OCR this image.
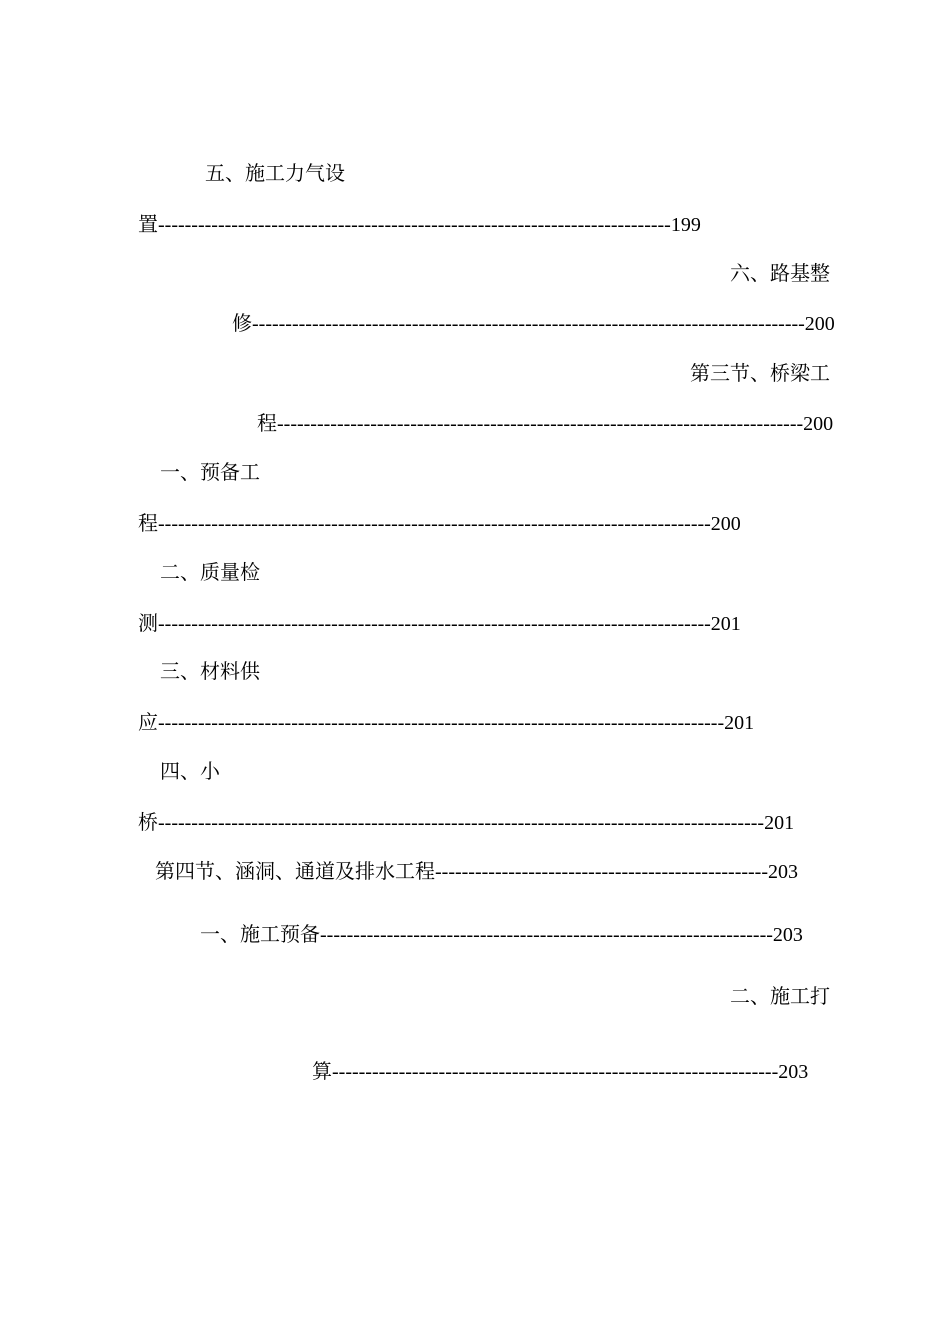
五、施工力气设
置-----------------------------------------------------------------------------199
六、路基整
修-----------------------------------------------------------------------------------200
第三节、桥梁工
程-------------------------------------------------------------------------------200
一、预备工
程-----------------------------------------------------------------------------------200
二、质量检
测-----------------------------------------------------------------------------------201
三、材料供
应-------------------------------------------------------------------------------------201
四、小
桥-------------------------------------------------------------------------------------------201
第四节、涵洞、通道及排水工程--------------------------------------------------203
一、施工预备--------------------------------------------------------------------203
二、施工打
算-------------------------------------------------------------------203
